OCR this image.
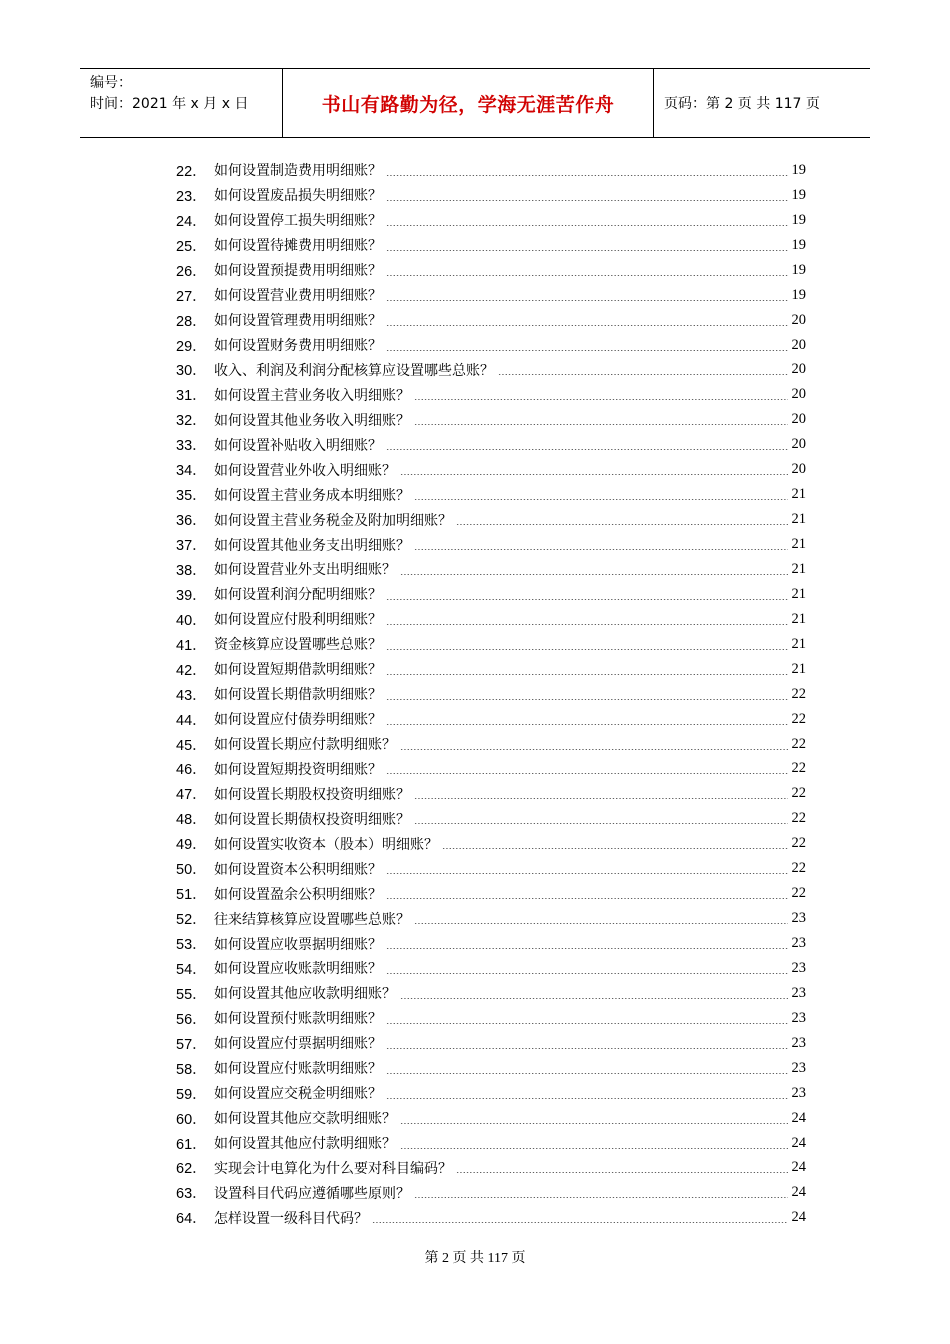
编号：
时间：2021 年 x 月 x 日	书山有路勤为径，学海无涯苦作舟	页码：第 2 页 共 117 页
22． 如何设置制造费用明细账？	19
23． 如何设置废品损失明细账？	19
24． 如何设置停工损失明细账？	19
25． 如何设置待摊费用明细账？	19
26． 如何设置预提费用明细账？	19
27． 如何设置营业费用明细账？	19
28． 如何设置管理费用明细账？	20
29． 如何设置财务费用明细账？	20
30． 收入、利润及利润分配核算应设置哪些总账？	20
31． 如何设置主营业务收入明细账？	20
32． 如何设置其他业务收入明细账？	20
33． 如何设置补贴收入明细账？	20
34． 如何设置营业外收入明细账？	20
35． 如何设置主营业务成本明细账？	21
36． 如何设置主营业务税金及附加明细账？	21
37． 如何设置其他业务支出明细账？	21
38． 如何设置营业外支出明细账？	21
39． 如何设置利润分配明细账？	21
40． 如何设置应付股利明细账？	21
41． 资金核算应设置哪些总账？	21
42． 如何设置短期借款明细账？	21
43． 如何设置长期借款明细账？	22
44． 如何设置应付债券明细账？	22
45． 如何设置长期应付款明细账？	22
46． 如何设置短期投资明细账？	22
47． 如何设置长期股权投资明细账？	22
48． 如何设置长期债权投资明细账？	22
49． 如何设置实收资本（股本）明细账？	22
50． 如何设置资本公积明细账？	22
51． 如何设置盈余公积明细账？	22
52． 往来结算核算应设置哪些总账？	23
53． 如何设置应收票据明细账？	23
54． 如何设置应收账款明细账？	23
55． 如何设置其他应收款明细账？	23
56． 如何设置预付账款明细账？	23
57． 如何设置应付票据明细账？	23
58． 如何设置应付账款明细账？	23
59． 如何设置应交税金明细账？	23
60． 如何设置其他应交款明细账？	24
61． 如何设置其他应付款明细账？	24
62． 实现会计电算化为什么要对科目编码？	24
63． 设置科目代码应遵循哪些原则？	24
64． 怎样设置一级科目代码？	24
第 2 页 共 117 页
